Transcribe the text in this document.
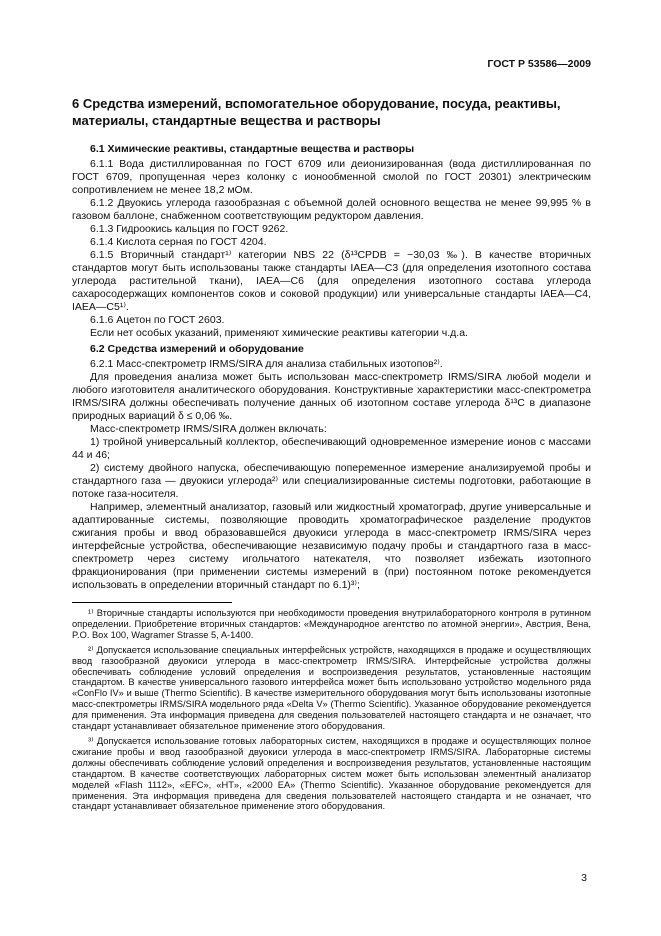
ГОСТ Р 53586—2009
6 Средства измерений, вспомогательное оборудование, посуда, реактивы, материалы, стандартные вещества и растворы
6.1 Химические реактивы, стандартные вещества и растворы

6.1.1 Вода дистиллированная по ГОСТ 6709 или деионизированная (вода дистиллированная по ГОСТ 6709, пропущенная через колонку с ионообменной смолой по ГОСТ 20301) электрическим сопротивлением не менее 18,2 мОм.

6.1.2 Двуокись углерода газообразная с объемной долей основного вещества не менее 99,995 % в газовом баллоне, снабженном соответствующим редуктором давления.

6.1.3 Гидроокись кальция по ГОСТ 9262.

6.1.4 Кислота серная по ГОСТ 4204.

6.1.5 Вторичный стандарт¹⁾ категории NBS 22 (δ¹³CPDB = −30,03 ‰). В качестве вторичных стандартов могут быть использованы также стандарты IAEA—C3 (для определения изотопного состава углерода растительной ткани), IAEA—C6 (для определения изотопного состава углерода сахаросодержащих компонентов соков и соковой продукции) или универсальные стандарты IAEA—C4, IAEA—C5¹⁾.

6.1.6 Ацетон по ГОСТ 2603.

Если нет особых указаний, применяют химические реактивы категории ч.д.а.

6.2 Средства измерений и оборудование

6.2.1 Масс-спектрометр IRMS/SIRA для анализа стабильных изотопов²⁾.

Для проведения анализа может быть использован масс-спектрометр IRMS/SIRA любой модели и любого изготовителя аналитического оборудования. Конструктивные характеристики масс-спектрометра IRMS/SIRA должны обеспечивать получение данных об изотопном составе углерода δ¹³C в диапазоне природных вариаций δ ≤ 0,06 ‰.

Масс-спектрометр IRMS/SIRA должен включать:

1) тройной универсальный коллектор, обеспечивающий одновременное измерение ионов с массами 44 и 46;

2) систему двойного напуска, обеспечивающую попеременное измерение анализируемой пробы и стандартного газа — двуокиси углерода²⁾ или специализированные системы подготовки, работающие в потоке газа-носителя.

Например, элементный анализатор, газовый или жидкостный хроматограф, другие универсальные и адаптированные системы, позволяющие проводить хроматографическое разделение продуктов сжигания пробы и ввод образовавшейся двуокиси углерода в масс-спектрометр IRMS/SIRA через интерфейсные устройства, обеспечивающие независимую подачу пробы и стандартного газа в масс-спектрометр через систему игольчатого натекателя, что позволяет избежать изотопного фракционирования (при применении системы измерений в (при) постоянном потоке рекомендуется использовать в определении вторичный стандарт по 6.1)³⁾;

¹⁾ Вторичные стандарты используются при необходимости проведения внутрилабораторного контроля в рутинном определении. Приобретение вторичных стандартов: «Международное агентство по атомной энергии», Австрия, Вена, P.O. Box 100, Wagramer Strasse 5, A-1400.

²⁾ Допускается использование специальных интерфейсных устройств, находящихся в продаже и осуществляющих ввод газообразной двуокиси углерода в масс-спектрометр IRMS/SIRA. Интерфейсные устройства должны обеспечивать соблюдение условий определения и воспроизведения результатов, установленные настоящим стандартом. В качестве универсального газового интерфейса может быть использовано устройство модельного ряда «ConFlo IV» и выше (Thermo Scientific). В качестве измерительного оборудования могут быть использованы изотопные масс-спектрометры IRMS/SIRA модельного ряда «Delta V» (Thermo Scientific). Указанное оборудование рекомендуется для применения. Эта информация приведена для сведения пользователей настоящего стандарта и не означает, что стандарт устанавливает обязательное применение этого оборудования.

³⁾ Допускается использование готовых лабораторных систем, находящихся в продаже и осуществляющих полное сжигание пробы и ввод газообразной двуокиси углерода в масс-спектрометр IRMS/SIRA. Лабораторные системы должны обеспечивать соблюдение условий определения и воспроизведения результатов, установленные настоящим стандартом. В качестве соответствующих лабораторных систем может быть использован элементный анализатор моделей «Flash 1112», «EFC», «HT», «2000 EA» (Thermo Scientific). Указанное оборудование рекомендуется для применения. Эта информация приведена для сведения пользователей настоящего стандарта и не означает, что стандарт устанавливает обязательное применение этого оборудования.

3
